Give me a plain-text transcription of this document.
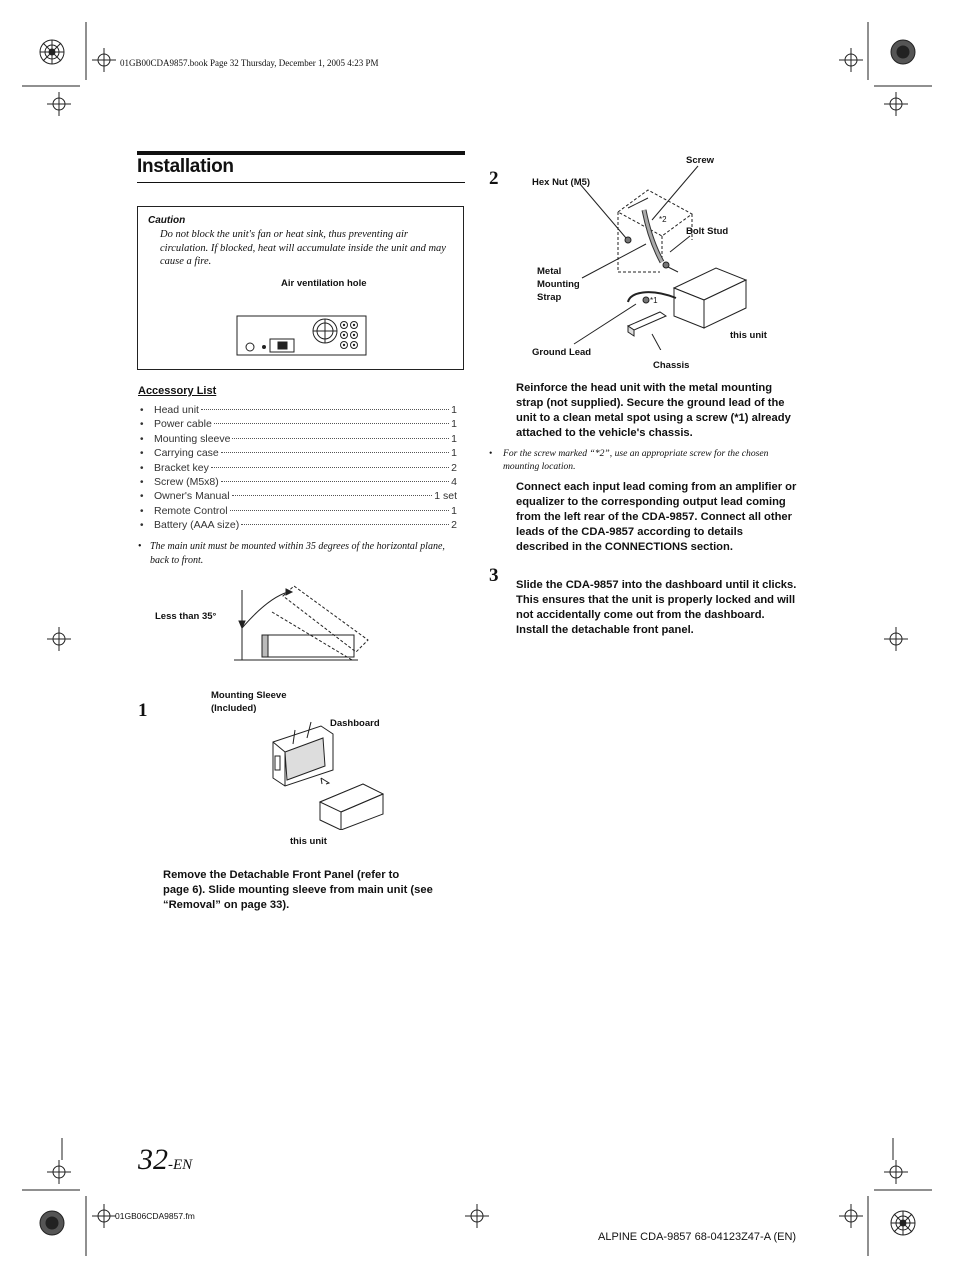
01GB00CDA9857.book Page 32 Thursday, December 1, 2005 4:23 PM
Installation
Caution
Do not block the unit's fan or heat sink, thus preventing air circulation. If blocked, heat will accumulate inside the unit and may cause a fire.
Air ventilation hole
Accessory List
• Head unit	1
• Power cable	1
• Mounting sleeve	1
• Carrying case	1
• Bracket key	2
• Screw (M5x8)	4
• Owner's Manual	1 set
• Remote Control	1
• Battery (AAA size)	2
• The main unit must be mounted within 35 degrees of the horizontal plane, back to front.
Less than 35°
1
Mounting Sleeve
(Included)
Dashboard
this unit
Remove the Detachable Front Panel (refer to
page 6). Slide mounting sleeve from main unit (see
“Removal” on page 33).
2
Screw
Hex Nut (M5)
Bolt Stud
Metal
Mounting
Strap
this unit
Ground Lead
Chassis
*2
*1
Reinforce the head unit with the metal mounting
strap (not supplied). Secure the ground lead of the
unit to a clean metal spot using a screw (*1) already
attached to the vehicle's chassis.
• For the screw marked “*2”, use an appropriate screw for the chosen
mounting location.
Connect each input lead coming from an amplifier or
equalizer to the corresponding output lead coming
from the left rear of the CDA-9857. Connect all other
leads of the CDA-9857 according to details
described in the CONNECTIONS section.
3 Slide the CDA-9857 into the dashboard until it clicks.
This ensures that the unit is properly locked and will
not accidentally come out from the dashboard.
Install the detachable front panel.
32-EN
01GB06CDA9857.fm
ALPINE CDA-9857 68-04123Z47-A (EN)
